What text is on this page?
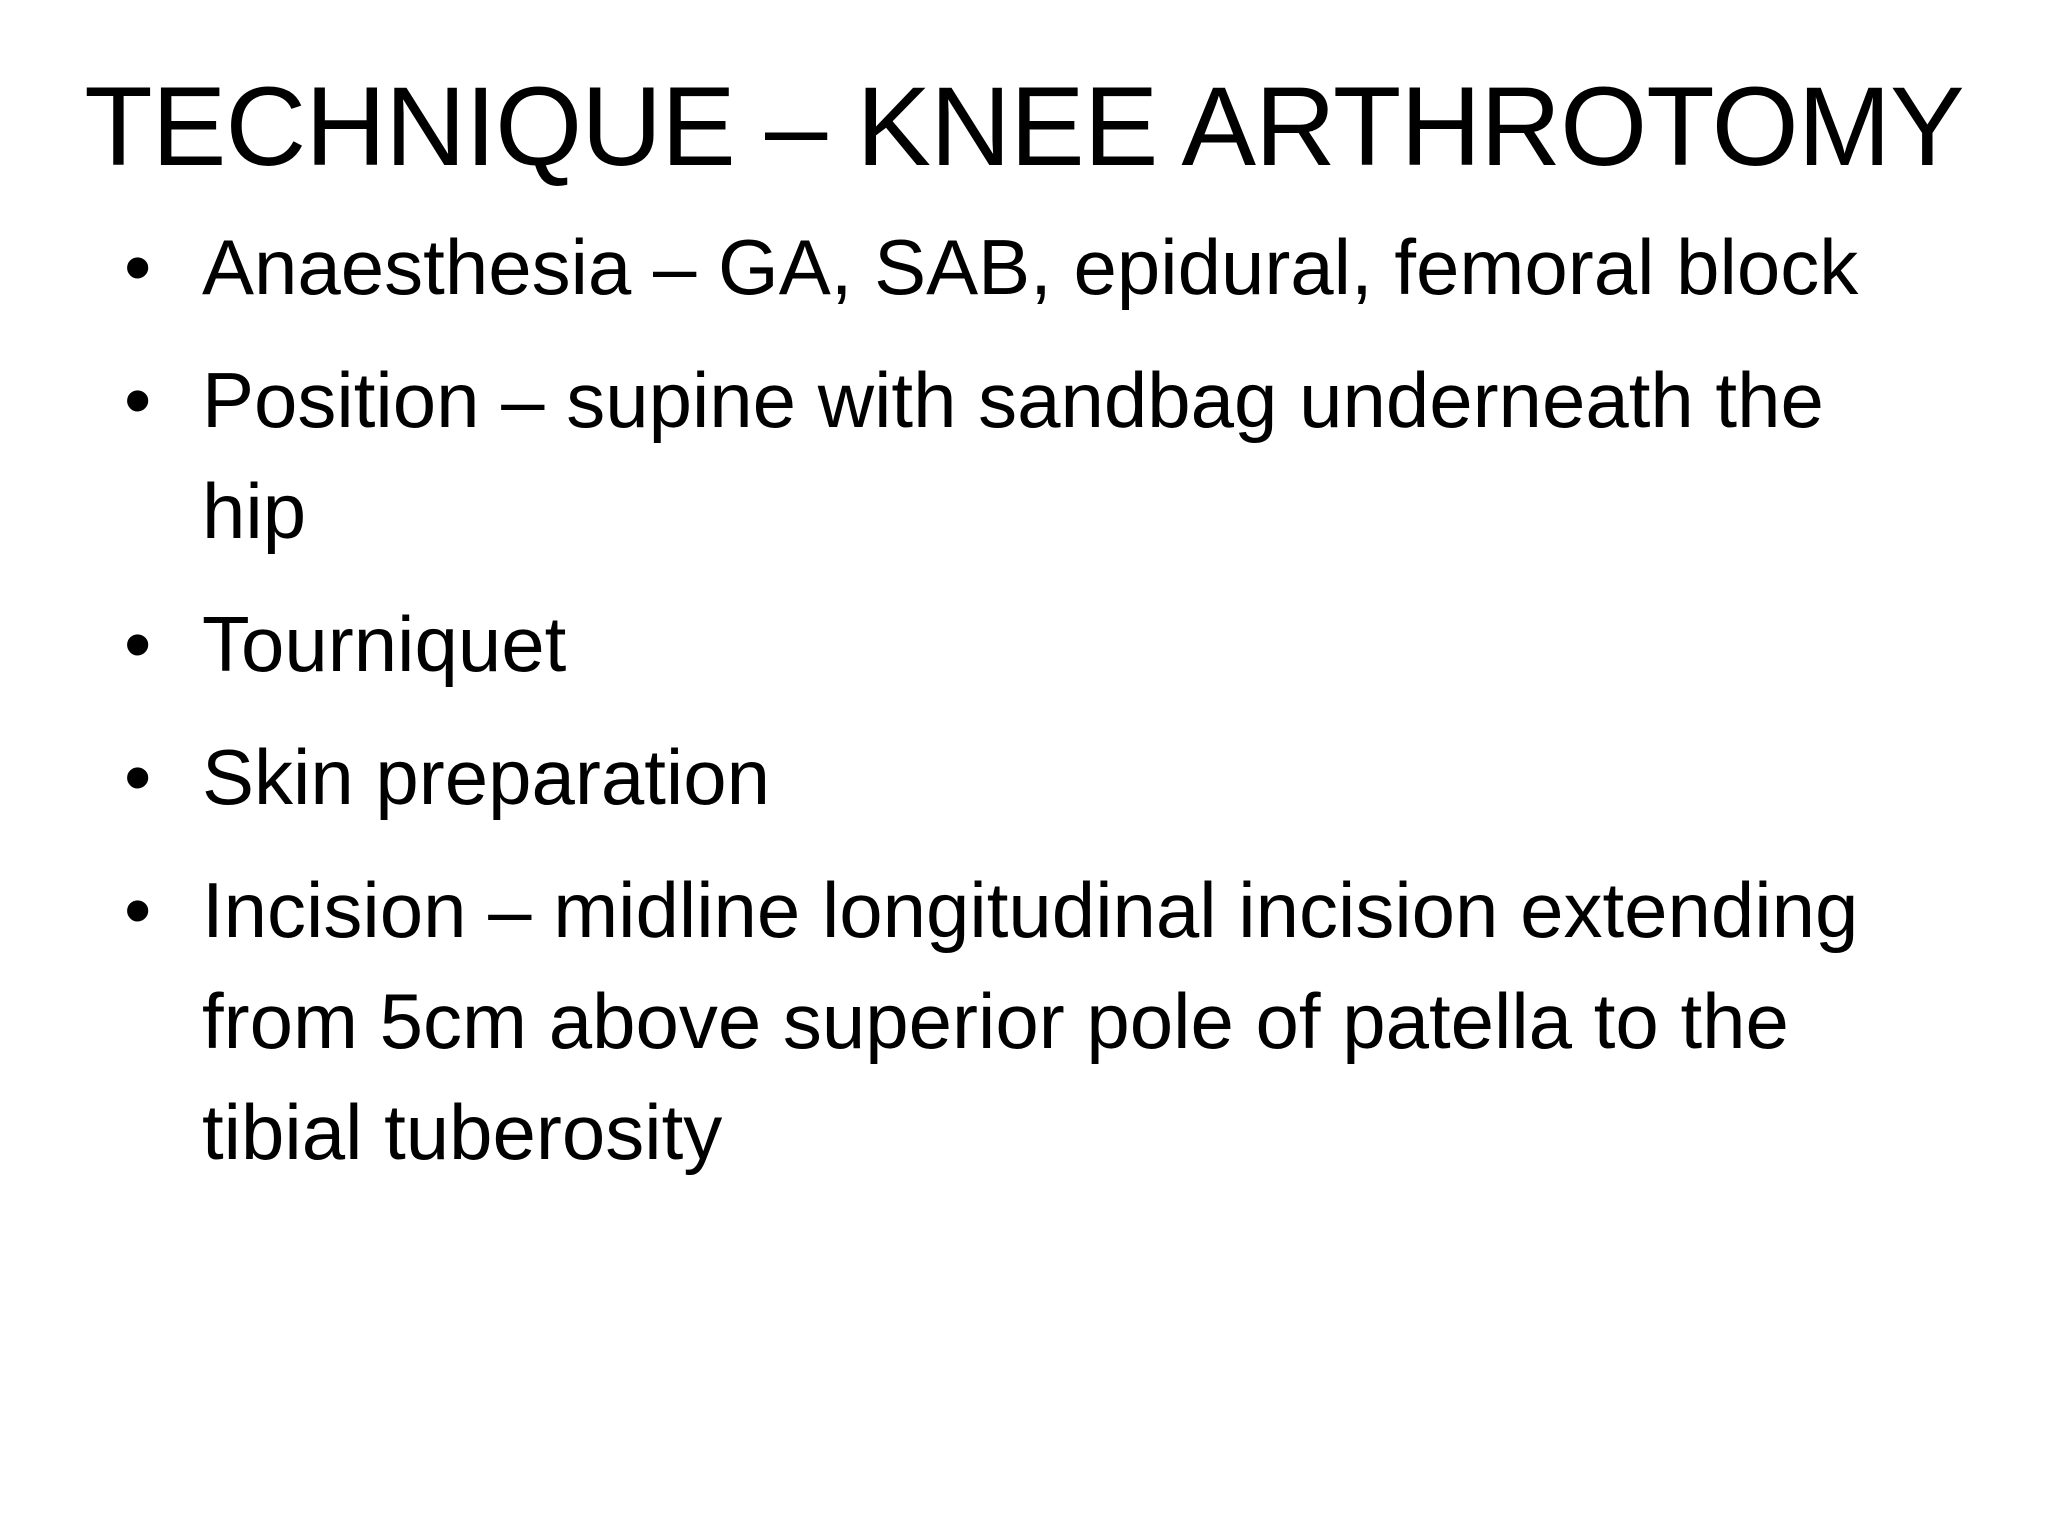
TECHNIQUE – KNEE ARTHROTOMY
• Anaesthesia – GA, SAB, epidural, femoral block
• Position – supine with sandbag underneath the hip
• Tourniquet
• Skin preparation
• Incision – midline longitudinal incision extending from 5cm above superior pole of patella to the tibial tuberosity
